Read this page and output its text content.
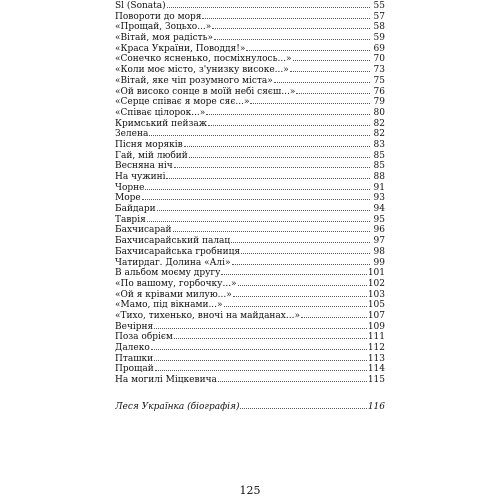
Sl (Sonata)	55
Повороти до моря	57
«Прощай, Зоцьхо...»	58
«Вітай, моя радість»	59
«Краса України, Поводдя!»	69
«Сонечко ясненько, посміхнулось...»	70
«Коли моє місто, з'унизку високе...»	73
«Вітай, яке чіп розумного міста»	75
«Ой високо сонце в моїй небі сяєш...»	76
«Серце співає я море сяє...»	79
«Співає цілорок...»	80
Кримський пейзаж	82
Зелена	82
Пісня моряків	83
Гай, мій любий	85
Весняна ніч	85
На чужині	88
Чорне	91
Море	93
Байдари	94
Таврія	95
Бахчисарай	96
Бахчисарайський палац	97
Бахчисарайська гробниця	98
Чатирдаг. Долина «Алі»	99
В альбом моєму другу	101
«По вашому, горбочку...»	102
«Ой я крівами милую...»	103
«Мамо, під вікнами...»	105
«Тихо, тихенько, вночі на майданах...»	107
Вечірня	109
Поза обрієм	111
Далеко	112
Пташки	113
Прощай	114
На могилі Міцкевича	115
Леся Українка (біографія)	116
125
